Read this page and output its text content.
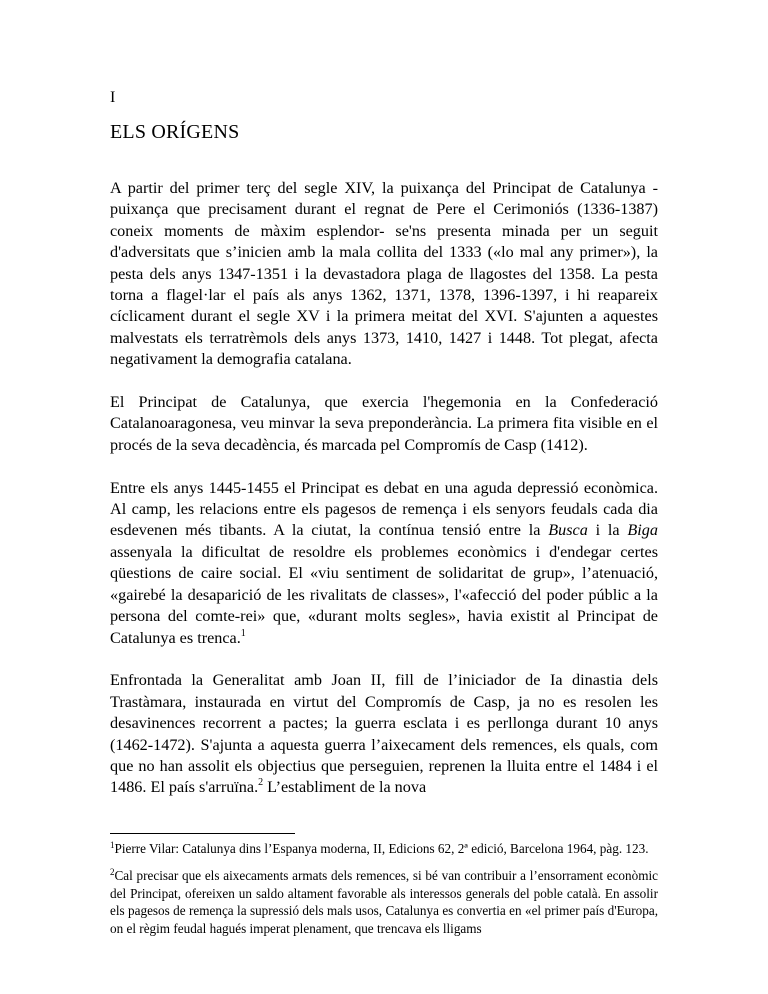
I
ELS ORÍGENS

A partir del primer terç del segle XIV, la puixança del Principat de Catalunya -puixança que precisament durant el regnat de Pere el Cerimoniós (1336-1387) coneix moments de màxim esplendor- se'ns presenta minada per un seguit d'adversitats que s’inicien amb la mala collita del 1333 («lo mal any primer»), la pesta dels anys 1347-1351 i la devastadora plaga de llagostes del 1358. La pesta torna a flagel·lar el país als anys 1362, 1371, 1378, 1396-1397, i hi reapareix cíclicament durant el segle XV i la primera meitat del XVI. S'ajunten a aquestes malvestats els terratrèmols dels anys 1373, 1410, 1427 i 1448. Tot plegat, afecta negativament la demografia catalana.

El Principat de Catalunya, que exercia l'hegemonia en la Confederació Catalanoaragonesa, veu minvar la seva preponderància. La primera fita visible en el procés de la seva decadència, és marcada pel Compromís de Casp (1412).

Entre els anys 1445-1455 el Principat es debat en una aguda depressió econòmica. Al camp, les relacions entre els pagesos de remença i els senyors feudals cada dia esdevenen més tibants. A la ciutat, la contínua tensió entre la Busca i la Biga assenyala la dificultat de resoldre els problemes econòmics i d'endegar certes qüestions de caire social. El «viu sentiment de solidaritat de grup», l’atenuació, «gairebé la desaparició de les rivalitats de classes», l'«afecció del poder públic a la persona del comte-rei» que, «durant molts segles», havia existit al Principat de Catalunya es trenca.$^1$

Enfrontada la Generalitat amb Joan II, fill de l’iniciador de Ia dinastia dels Trastàmara, instaurada en virtut del Compromís de Casp, ja no es resolen les desavinences recorrent a pactes; la guerra esclata i es perllonga durant 10 anys (1462-1472). S'ajunta a aquesta guerra l’aixecament dels remences, els quals, com que no han assolit els objectius que perseguien, reprenen la lluita entre el 1484 i el 1486. El país s'arruïna.$^2$ L’establiment de la nova

$^1$Pierre Vilar: Catalunya dins l’Espanya moderna, II, Edicions 62, 2ª edició, Barcelona 1964, pàg. 123.

$^2$Cal precisar que els aixecaments armats dels remences, si bé van contribuir a l’ensorrament econòmic del Principat, ofereixen un saldo altament favorable als interessos generals del poble català. En assolir els pagesos de remença la supressió dels mals usos, Catalunya es convertia en «el primer país d'Europa, on el règim feudal hagués imperat plenament, que trencava els lligams
